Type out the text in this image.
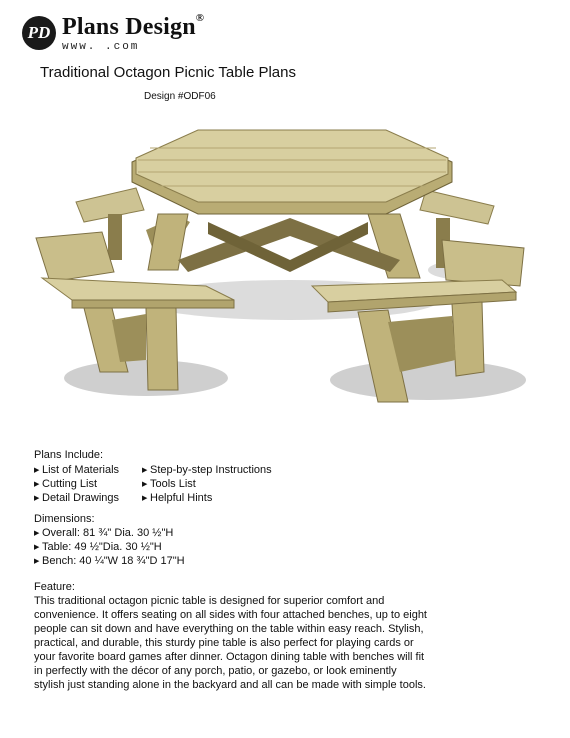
PD Plans Design®
www. .com
Traditional Octagon Picnic Table Plans
Design #ODF06
Plans Include:
▶ List of Materials
▶ Cutting List
▶ Detail Drawings
▶ Step-by-step Instructions
▶ Tools List
▶ Helpful Hints
Dimensions:
▶ Overall: 81 ¾" Dia. 30 ½"H
▶ Table: 49 ½"Dia. 30 ½"H
▶ Bench: 40 ¼"W 18 ¾"D 17"H
Feature:
This traditional octagon picnic table is designed for superior comfort and convenience. It offers seating on all sides with four attached benches, up to eight people can sit down and have everything on the table within easy reach. Stylish, practical, and durable, this sturdy pine table is also perfect for playing cards or your favorite board games after dinner. Octagon dining table with benches will fit in perfectly with the décor of any porch, patio, or gazebo, or look eminently stylish just standing alone in the backyard and all can be made with simple tools.
